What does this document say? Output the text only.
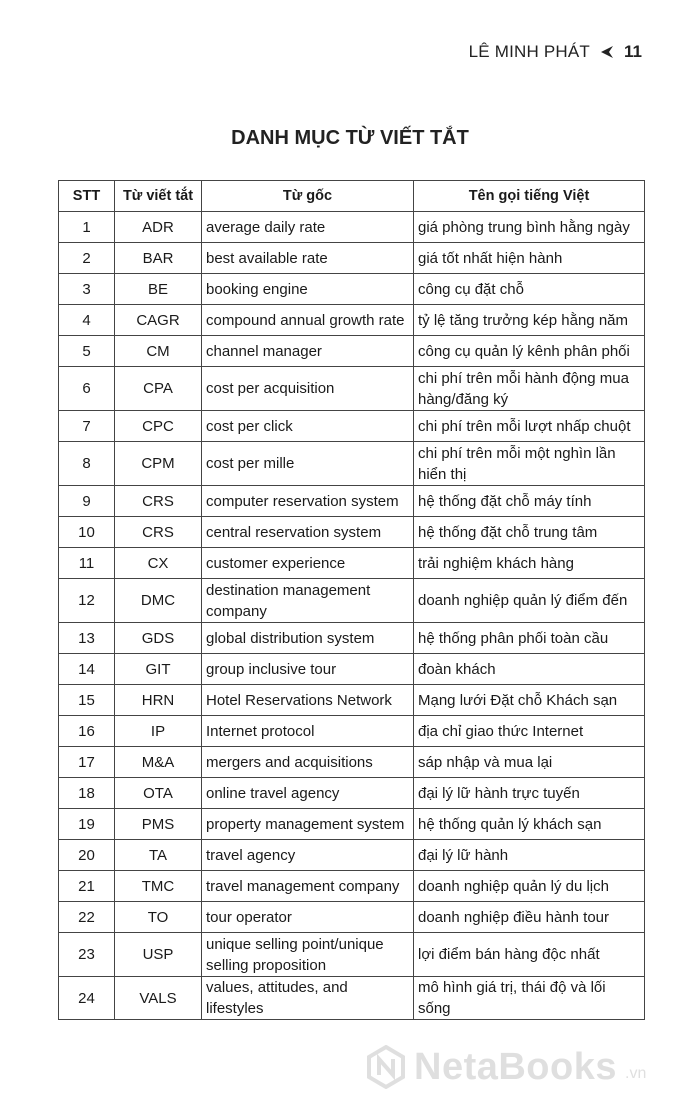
LÊ MINH PHÁT 11
DANH MỤC TỪ VIẾT TẮT
STT	Từ viết tắt	Từ gốc	Tên gọi tiếng Việt
1	ADR	average daily rate	giá phòng trung bình hằng ngày
2	BAR	best available rate	giá tốt nhất hiện hành
3	BE	booking engine	công cụ đặt chỗ
4	CAGR	compound annual growth rate	tỷ lệ tăng trưởng kép hằng năm
5	CM	channel manager	công cụ quản lý kênh phân phối
6	CPA	cost per acquisition	chi phí trên mỗi hành động mua hàng/đăng ký
7	CPC	cost per click	chi phí trên mỗi lượt nhấp chuột
8	CPM	cost per mille	chi phí trên mỗi một nghìn lần hiển thị
9	CRS	computer reservation system	hệ thống đặt chỗ máy tính
10	CRS	central reservation system	hệ thống đặt chỗ trung tâm
11	CX	customer experience	trải nghiệm khách hàng
12	DMC	destination management company	doanh nghiệp quản lý điểm đến
13	GDS	global distribution system	hệ thống phân phối toàn cầu
14	GIT	group inclusive tour	đoàn khách
15	HRN	Hotel Reservations Network	Mạng lưới Đặt chỗ Khách sạn
16	IP	Internet protocol	địa chỉ giao thức Internet
17	M&A	mergers and acquisitions	sáp nhập và mua lại
18	OTA	online travel agency	đại lý lữ hành trực tuyến
19	PMS	property management system	hệ thống quản lý khách sạn
20	TA	travel agency	đại lý lữ hành
21	TMC	travel management company	doanh nghiệp quản lý du lịch
22	TO	tour operator	doanh nghiệp điều hành tour
23	USP	unique selling point/unique selling proposition	lợi điểm bán hàng độc nhất
24	VALS	values, attitudes, and lifestyles	mô hình giá trị, thái độ và lối sống
NetaBooks .vn
